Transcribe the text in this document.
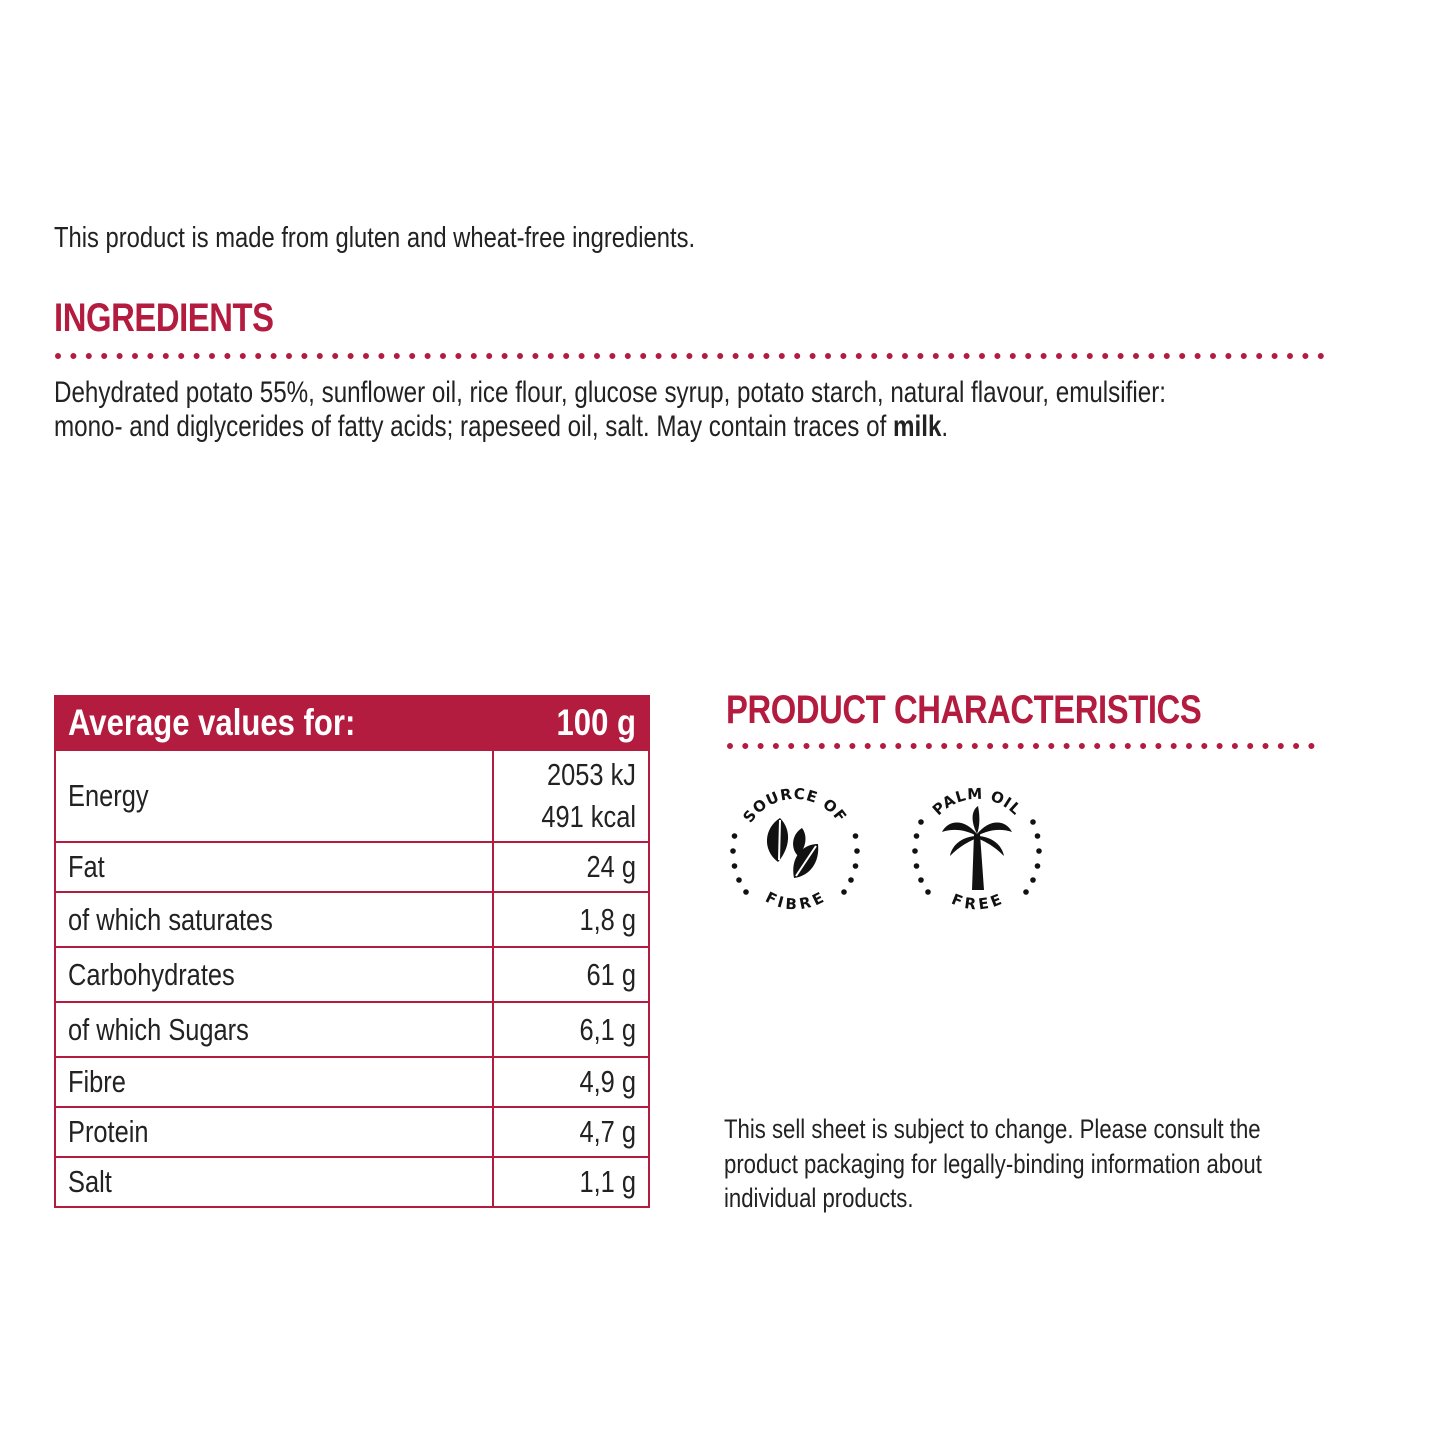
This product is made from gluten and wheat-free ingredients.
INGREDIENTS
Dehydrated potato 55%, sunflower oil, rice flour, glucose syrup, potato starch, natural flavour, emulsifier:
mono- and diglycerides of fatty acids; rapeseed oil, salt. May contain traces of milk.
Average values for:	100 g

Energy	2053 kJ
491 kcal

Fat	24 g

of which saturates	1,8 g

Carbohydrates	61 g

of which Sugars	6,1 g

Fibre	4,9 g

Protein	4,7 g

Salt	1,1 g
PRODUCT CHARACTERISTICS
SOURCE OF
FIBRE
PALM OIL
FREE
This sell sheet is subject to change. Please consult the
product packaging for legally-binding information about
individual products.
